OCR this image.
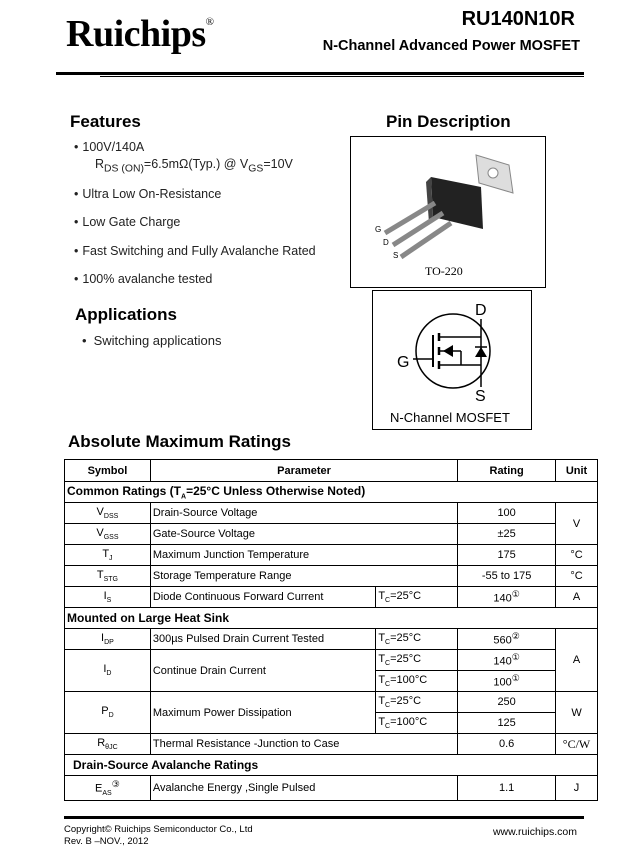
Ruichips®	RU140N10R
N-Channel Advanced Power MOSFET
Features
• 100V/140A
$R_{DS (ON)}=6.5m\Omega(Typ.)$ @ $V_{GS}=10V$
• Ultra Low On-Resistance
• Low Gate Charge
• Fast Switching and Fully Avalanche Rated
• 100% avalanche tested
Applications
• Switching applications
Pin Description
G
D
S
TO-220
D
G
S
N-Channel MOSFET
Absolute Maximum Ratings
Symbol	Parameter		Rating	Unit
Common Ratings ($T_A=25^\circ C$ Unless Otherwise Noted)				
$V_{DSS}$	Drain-Source Voltage		100	V
$V_{GSS}$	Gate-Source Voltage		±25	
$T_J$	Maximum Junction Temperature		175	°C
$T_{STG}$	Storage Temperature Range		-55 to 175	°C
$I_S$	Diode Continuous Forward Current	$T_C=25^\circ C$	140①	A
Mounted on Large Heat Sink				
$I_{DP}$	300µs Pulsed Drain Current Tested	$T_C=25^\circ C$	560②	A
$I_D$	Continue Drain Current	$T_C=25^\circ C$	140①
		$T_C=100^\circ C$	100①
$P_D$	Maximum Power Dissipation	$T_C=25^\circ C$	250	W
		$T_C=100^\circ C$	125	
$R_{\theta JC}$	Thermal Resistance -Junction to Case		0.6	°C/W
Drain-Source Avalanche Ratings				
$E_{AS}^③$	Avalanche Energy ,Single Pulsed		1.1	J
Copyright© Ruichips Semiconductor Co., Ltd
Rev. B –NOV., 2012
www.ruichips.com
